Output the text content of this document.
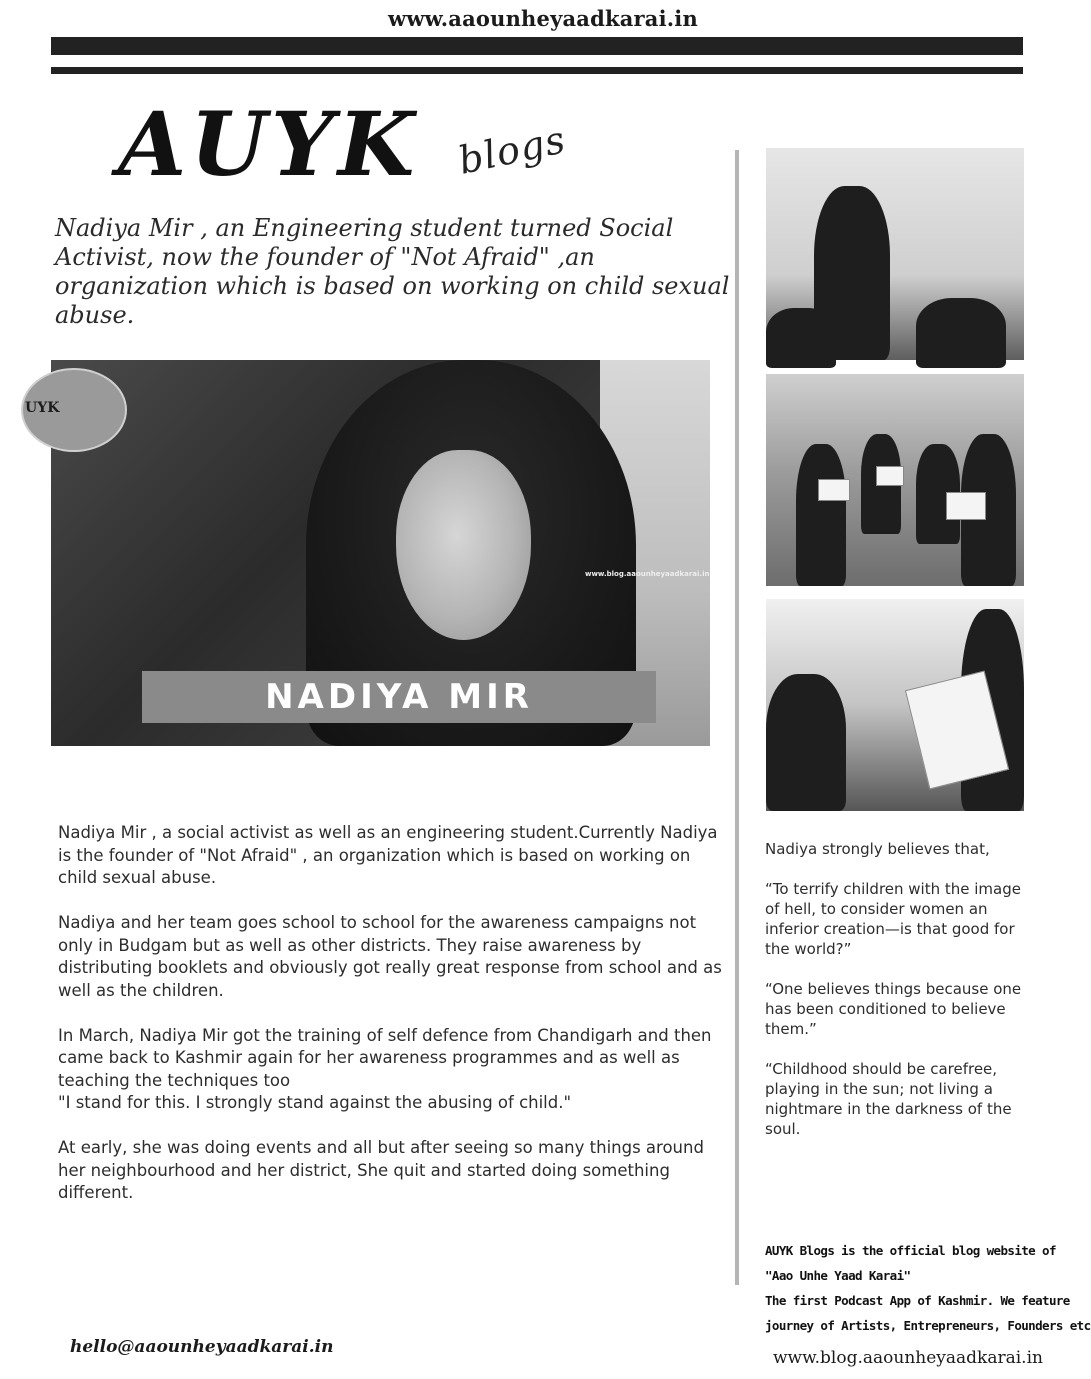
www.aaounheyaadkarai.in
AUYK blogs

Nadiya Mir , an Engineering student turned Social Activist, now the founder of "Not Afraid" ,an organization which is based on working on child sexual abuse.

UYK
www.blog.aaounheyaadkarai.in
NADIYA MIR

Nadiya Mir , a social activist as well as an engineering student.Currently Nadiya is the founder of "Not Afraid" , an organization which is based on working on child sexual abuse.

Nadiya and her team goes school to school for the awareness campaigns not only in Budgam but as well as other districts. They raise awareness by distributing booklets and obviously got really great response from school and as well as the children.

In March, Nadiya Mir got the training of self defence from Chandigarh and then came back to Kashmir again for her awareness programmes and as well as teaching the techniques too

"I stand for this. I strongly stand against the abusing of child."

At early, she was doing events and all but after seeing so many things around her neighbourhood and her district, She quit and started doing something different.

Nadiya strongly believes that,

“To terrify children with the image of hell, to consider women an inferior creation—is that good for the world?”

“One believes things because one has been conditioned to believe them.”

“Childhood should be carefree, playing in the sun; not living a nightmare in the darkness of the soul.

AUYK Blogs is the official blog website of
"Aao Unhe Yaad Karai"
The first Podcast App of Kashmir. We feature
journey of Artists, Entrepreneurs, Founders etc
hello@aaounheyaadkarai.in
www.blog.aaounheyaadkarai.in
